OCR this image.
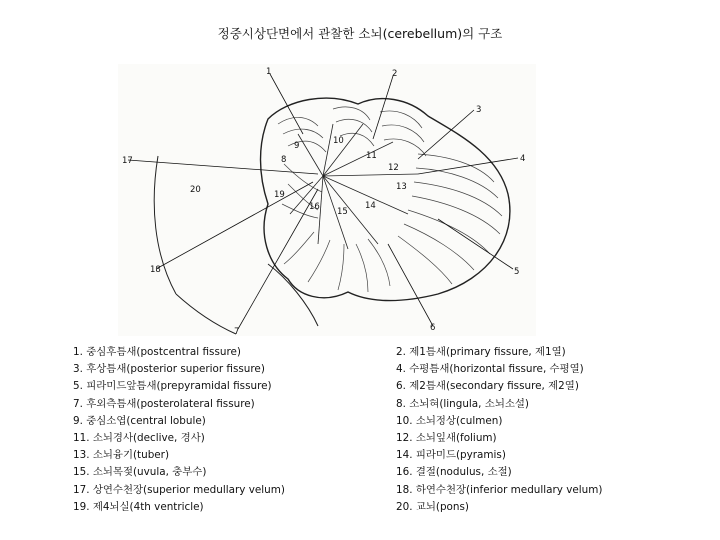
정중시상단면에서 관찰한 소뇌(cerebellum)의 구조
1	2
3
4
5
6
7
8
9	10
11
12
13
14
15
16
17
18
19
20
1. 중심후틈새(postcentral fissure)
3. 후상틈새(posterior superior fissure)
5. 피라미드앞틈새(prepyramidal fissure)
7. 후외측틈새(posterolateral fissure)
9. 중심소엽(central lobule)
11. 소뇌경사(declive, 경사)
13. 소뇌융기(tuber)
15. 소뇌목젖(uvula, 충부수)
17. 상연수천장(superior medullary velum)
19. 제4뇌실(4th ventricle)
2. 제1틈새(primary fissure, 제1열)
4. 수평틈새(horizontal fissure, 수평열)
6. 제2틈새(secondary fissure, 제2열)
8. 소뇌혀(lingula, 소뇌소설)
10. 소뇌정상(culmen)
12. 소뇌잎새(folium)
14. 피라미드(pyramis)
16. 결절(nodulus, 소절)
18. 하연수천장(inferior medullary velum)
20. 교뇌(pons)
